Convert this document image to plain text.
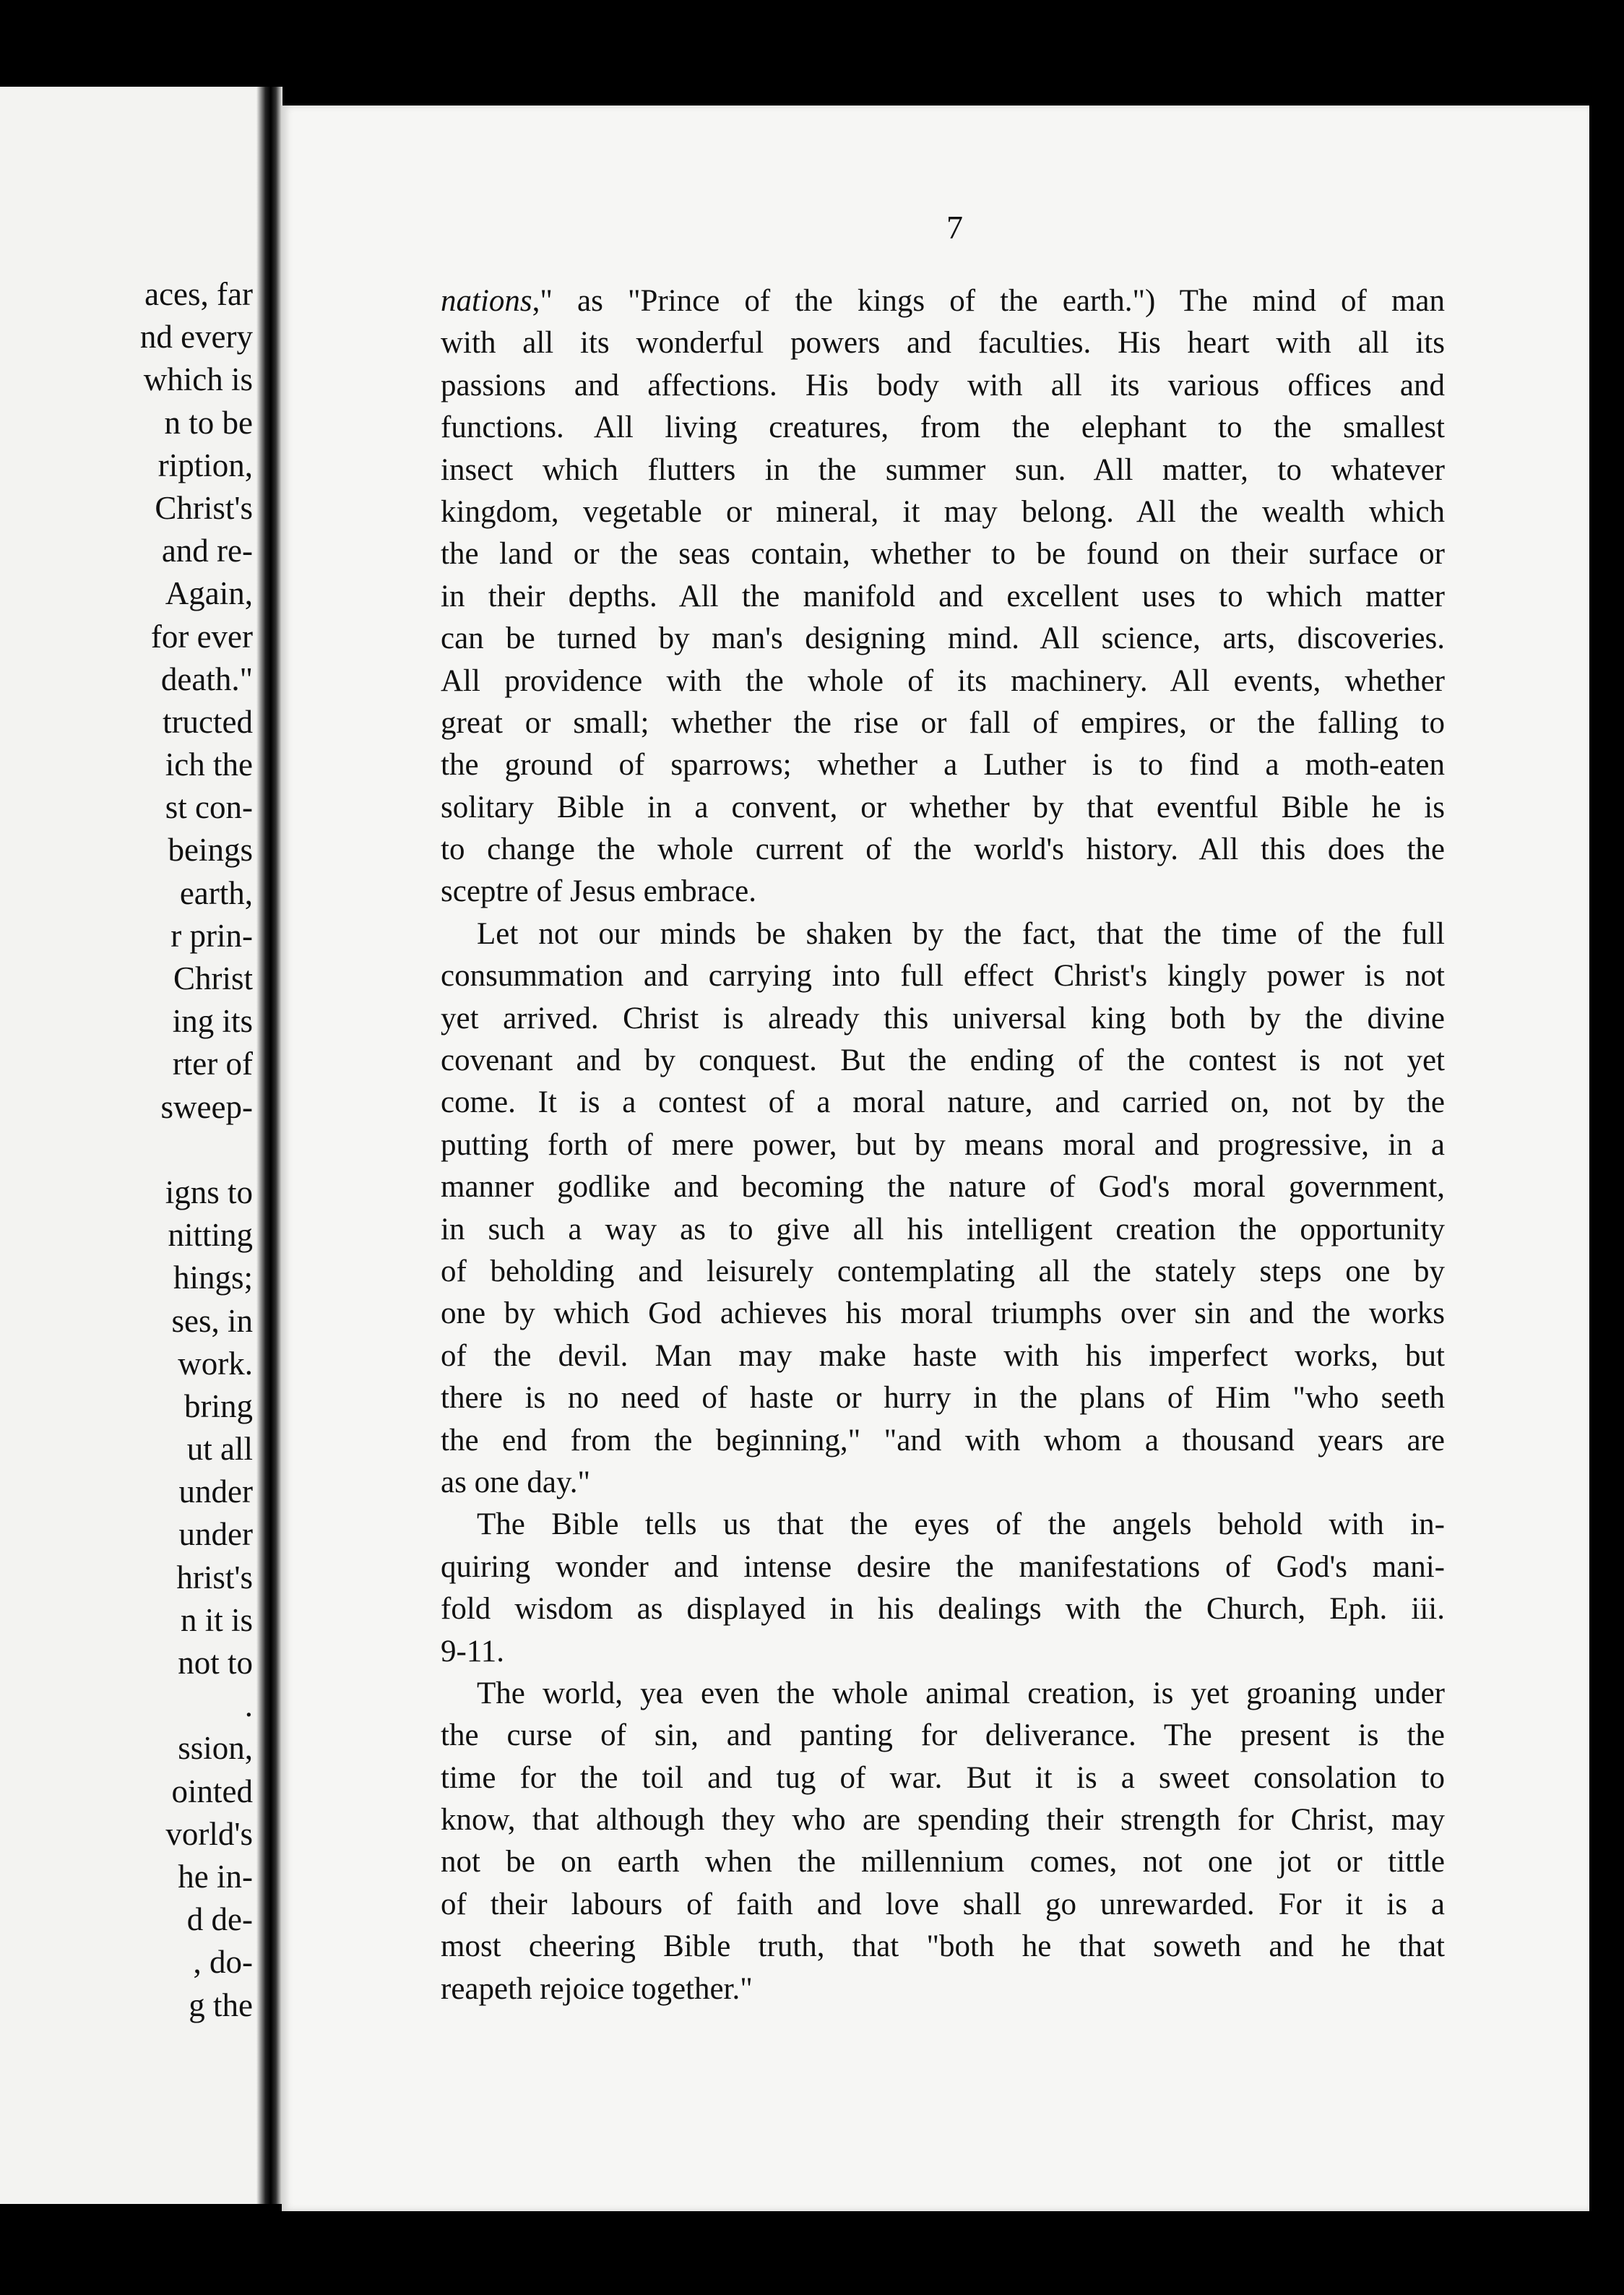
aces, far
nd every
which is
n to be
ription,
Christ's
and re-
Again,
for ever
death."
tructed
ich the
st con-
beings
earth,
r prin-
Christ
ing its
rter of
sweep-
igns to
nitting
hings;
ses, in
work.
bring
ut all
under
under
hrist's
n it is
not to
.
ssion,
ointed
vorld's
he in-
d de-
, do-
g the
7
nations," as "Prince of the kings of the earth.") The mind of man
with all its wonderful powers and faculties. His heart with all its
passions and affections. His body with all its various offices and
functions. All living creatures, from the elephant to the smallest
insect which flutters in the summer sun. All matter, to whatever
kingdom, vegetable or mineral, it may belong. All the wealth which
the land or the seas contain, whether to be found on their surface or
in their depths. All the manifold and excellent uses to which matter
can be turned by man's designing mind. All science, arts, discoveries.
All providence with the whole of its machinery. All events, whether
great or small; whether the rise or fall of empires, or the falling to
the ground of sparrows; whether a Luther is to find a moth-eaten
solitary Bible in a convent, or whether by that eventful Bible he is
to change the whole current of the world's history. All this does the
sceptre of Jesus embrace.
Let not our minds be shaken by the fact, that the time of the full
consummation and carrying into full effect Christ's kingly power is not
yet arrived. Christ is already this universal king both by the divine
covenant and by conquest. But the ending of the contest is not yet
come. It is a contest of a moral nature, and carried on, not by the
putting forth of mere power, but by means moral and progressive, in a
manner godlike and becoming the nature of God's moral government,
in such a way as to give all his intelligent creation the opportunity
of beholding and leisurely contemplating all the stately steps one by
one by which God achieves his moral triumphs over sin and the works
of the devil. Man may make haste with his imperfect works, but
there is no need of haste or hurry in the plans of Him "who seeth
the end from the beginning," "and with whom a thousand years are
as one day."
The Bible tells us that the eyes of the angels behold with in-
quiring wonder and intense desire the manifestations of God's mani-
fold wisdom as displayed in his dealings with the Church, Eph. iii.
9-11.
The world, yea even the whole animal creation, is yet groaning under
the curse of sin, and panting for deliverance. The present is the
time for the toil and tug of war. But it is a sweet consolation to
know, that although they who are spending their strength for Christ, may
not be on earth when the millennium comes, not one jot or tittle
of their labours of faith and love shall go unrewarded. For it is a
most cheering Bible truth, that "both he that soweth and he that
reapeth rejoice together."
